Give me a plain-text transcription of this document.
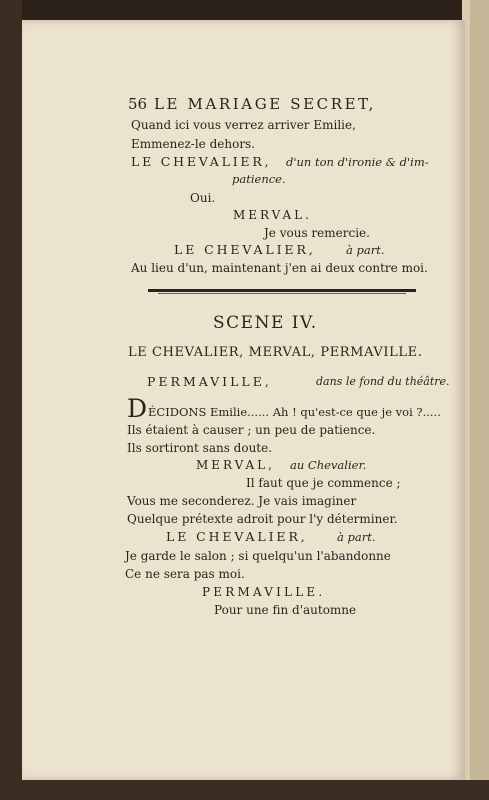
56 LE MARIAGE SECRET,
Quand ici vous verrez arriver Emilie,
Emmenez-le dehors.
LE CHEVALIER, d'un ton d'ironie & d'im-
patience.
Oui.
MERVAL.
Je vous remercie.
LE CHEVALIER,	à part.
Au lieu d'un, maintenant j'en ai deux contre moi.
SCENE IV.
LE CHEVALIER, MERVAL, PERMAVILLE.
PERMAVILLE,	dans le fond du théâtre.
D ÉCIDONS Emilie...... Ah ! qu'est-ce que je voi ?.....
Ils étaient à causer ; un peu de patience.
Ils sortiront sans doute.
MERVAL, au Chevalier.
Il faut que je commence ;
Vous me seconderez. Je vais imaginer
Quelque prétexte adroit pour l'y déterminer.
LE CHEVALIER,	à part.
Je garde le salon ; si quelqu'un l'abandonne
Ce ne sera pas moi.
PERMAVILLE.
Pour une fin d'automne
